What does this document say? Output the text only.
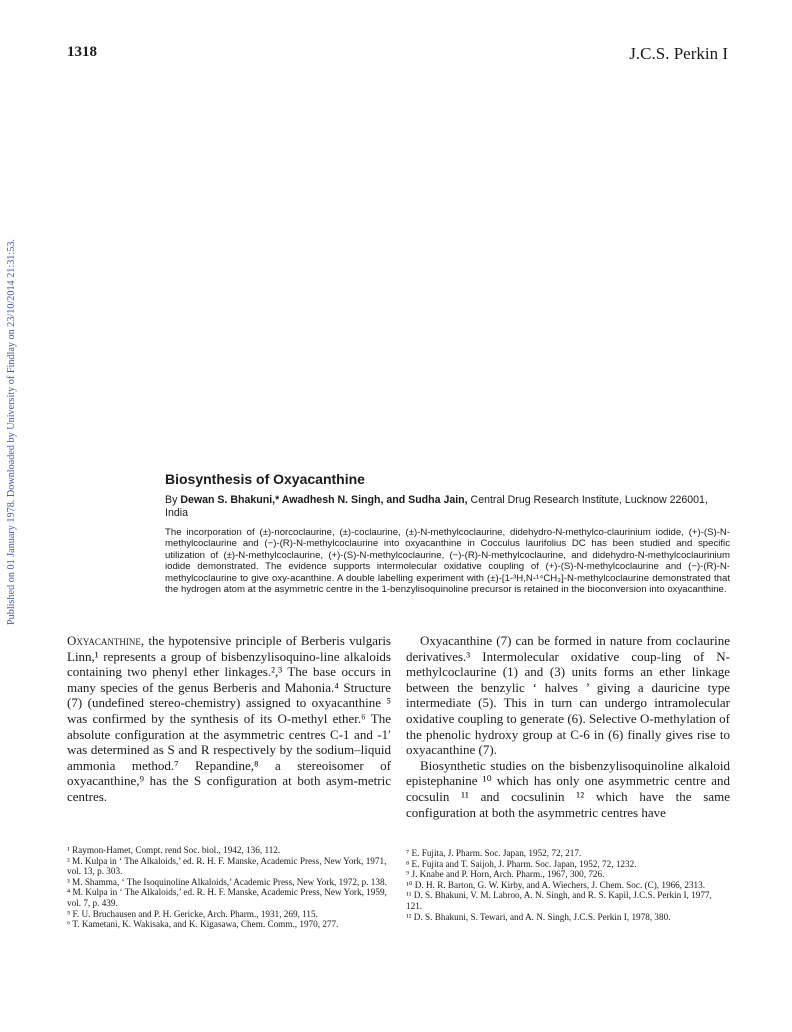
1318	J.C.S. Perkin I
Published on 01 January 1978. Downloaded by University of Findlay on 23/10/2014 21:31:53.	Biosynthesis of Oxyacanthine
By Dewan S. Bhakuni,* Awadhesh N. Singh, and Sudha Jain, Central Drug Research Institute, Lucknow 226001, India
The incorporation of (±)-norcoclaurine, (±)-coclaurine, (±)-N-methylcoclaurine, didehydro-N-methylco-claurinium iodide, (+)-(S)-N-methylcoclaurine and (−)-(R)-N-methylcoclaurine into oxyacanthine in Cocculus laurifolius DC has been studied and specific utilization of (±)-N-methylcoclaurine, (+)-(S)-N-methylcoclaurine, (−)-(R)-N-methylcoclaurine, and didehydro-N-methylcoclaurinium iodide demonstrated. The evidence supports intermolecular oxidative coupling of (+)-(S)-N-methylcoclaurine and (−)-(R)-N-methylcoclaurine to give oxy-acanthine. A double labelling experiment with (±)-[1-³H,N-¹⁴CH₃]-N-methylcoclaurine demonstrated that the hydrogen atom at the asymmetric centre in the 1-benzylisoquinoline precursor is retained in the bioconversion into oxyacanthine.

Oxyacanthine, the hypotensive principle of Berberis vulgaris Linn,¹ represents a group of bisbenzylisoquino-line alkaloids containing two phenyl ether linkages.²,³ The base occurs in many species of the genus Berberis and Mahonia.⁴ Structure (7) (undefined stereo-chemistry) assigned to oxyacanthine ⁵ was confirmed by the synthesis of its O-methyl ether.⁶ The absolute configuration at the asymmetric centres C-1 and -1′ was determined as S and R respectively by the sodium–liquid ammonia method.⁷ Repandine,⁸ a stereoisomer of oxyacanthine,⁹ has the S configuration at both asym-metric centres.

Oxyacanthine (7) can be formed in nature from coclaurine derivatives.³ Intermolecular oxidative coup-ling of N-methylcoclaurine (1) and (3) units forms an ether linkage between the benzylic ‘ halves ’ giving a dauricine type intermediate (5). This in turn can undergo intramolecular oxidative coupling to generate (6). Selective O-methylation of the phenolic hydroxy group at C-6 in (6) finally gives rise to oxyacanthine (7).

Biosynthetic studies on the bisbenzylisoquinoline alkaloid epistephanine ¹⁰ which has only one asymmetric centre and cocsulin ¹¹ and cocsulinin ¹² which have the same configuration at both the asymmetric centres have

¹ Raymon-Hamet, Compt. rend Soc. biol., 1942, 136, 112.
² M. Kulpa in ‘ The Alkaloids,’ ed. R. H. F. Manske, Academic Press, New York, 1971, vol. 13, p. 303.
³ M. Shamma, ‘ The Isoquinoline Alkaloids,’ Academic Press, New York, 1972, p. 138.
⁴ M. Kulpa in ‘ The Alkaloids,’ ed. R. H. F. Manske, Academic Press, New York, 1959, vol. 7, p. 439.
⁵ F. U. Bruchausen and P. H. Gericke, Arch. Pharm., 1931, 269, 115.
⁶ T. Kametani, K. Wakisaka, and K. Kigasawa, Chem. Comm., 1970, 277.
⁷ E. Fujita, J. Pharm. Soc. Japan, 1952, 72, 217.
⁸ E. Fujita and T. Saijoh, J. Pharm. Soc. Japan, 1952, 72, 1232.
⁹ J. Knabe and P. Horn, Arch. Pharm., 1967, 300, 726.
¹⁰ D. H. R. Barton, G. W. Kirby, and A. Wiechers, J. Chem. Soc. (C), 1966, 2313.
¹¹ D. S. Bhakuni, V. M. Labroo, A. N. Singh, and R. S. Kapil, J.C.S. Perkin I, 1977, 121.
¹² D. S. Bhakuni, S. Tewari, and A. N. Singh, J.C.S. Perkin I, 1978, 380.
